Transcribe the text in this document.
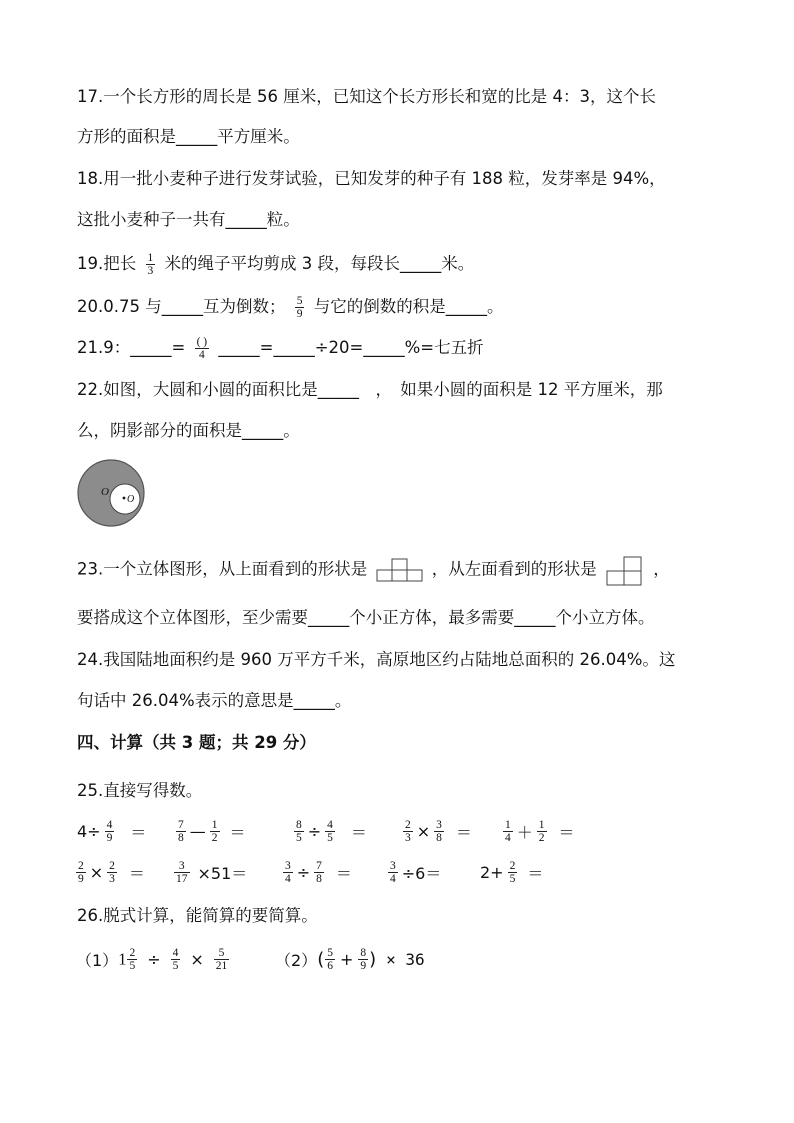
17.一个长方形的周长是 56 厘米，已知这个长方形长和宽的比是 4：3，这个长
方形的面积是_____平方厘米。
18.用一批小麦种子进行发芽试验，已知发芽的种子有 188 粒，发芽率是 94%，
这批小麦种子一共有_____粒。
19.把长 $\frac{1}{3}$ 米的绳子平均剪成 3 段，每段长_____米。
20.0.75 与_____互为倒数； $\frac{5}{9}$ 与它的倒数的积是_____。
21.9：_____= $\frac{( )}{4}$ _____=_____÷20=_____%=七五折
22.如图，大圆和小圆的面积比是_____　，　如果小圆的面积是 12 平方厘米，那
么，阴影部分的面积是_____。
O
O
23.一个立体图形，从上面看到的形状是	，从左面看到的形状是	，
要搭成这个立体图形，至少需要_____个小正方体，最多需要_____个小立方体。
24.我国陆地面积约是 960 万平方千米，高原地区约占陆地总面积的 26.04%。这
句话中 26.04%表示的意思是_____。
四、计算（共 3 题；共 29 分）
25.直接写得数。
$4\div \frac{4}{9}$ ＝	$\frac{7}{8}$ — $\frac{1}{2}$ ＝	$\frac{8}{5} \div \frac{4}{5}$ ＝	$\frac{2}{3} \times \frac{3}{8}$ ＝	$\frac{1}{4} + \frac{1}{2}$ ＝
$\frac{2}{9} \times \frac{2}{3}$ ＝	$\frac{3}{17} \times 51=$	$\frac{3}{4} \div \frac{7}{8}$ ＝	$\frac{3}{4} \div 6= 2+ \frac{2}{5}$ ＝
26.脱式计算，能简算的要简算。
（1） $1 \frac{2}{5} \div \frac{4}{5} \times \frac{5}{21}$	（2） ( $\frac{5}{6} + \frac{8}{9}$ ) × 36
